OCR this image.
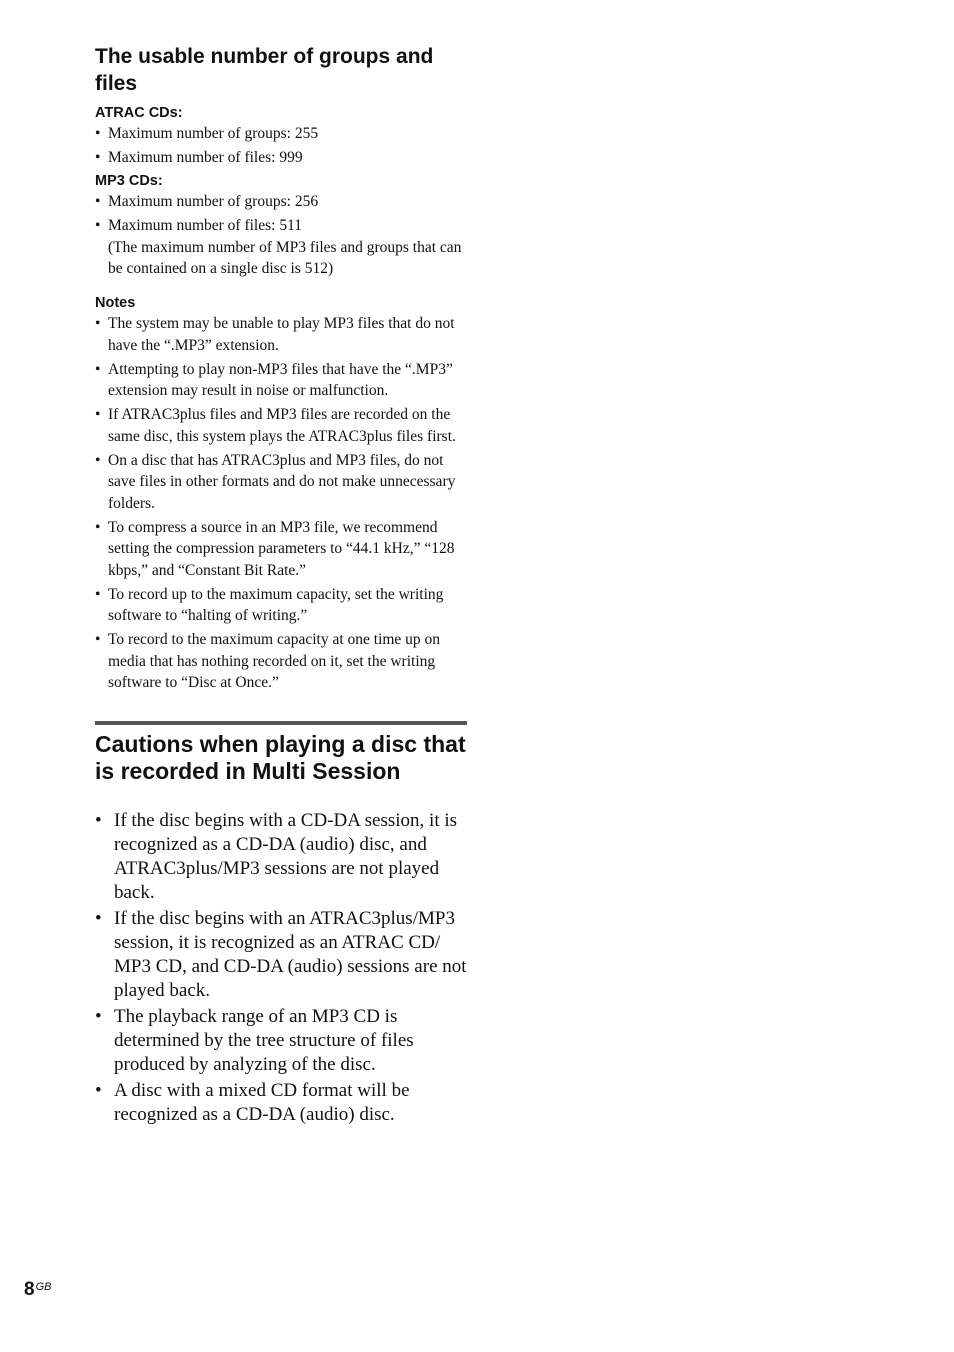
The usable number of groups and files

ATRAC CDs:

• Maximum number of groups: 255
• Maximum number of files: 999

MP3 CDs:

• Maximum number of groups: 256
• Maximum number of files: 511
(The maximum number of MP3 files and groups that can be contained on a single disc is 512)

Notes

• The system may be unable to play MP3 files that do not have the “.MP3” extension.
• Attempting to play non-MP3 files that have the “.MP3” extension may result in noise or malfunction.
• If ATRAC3plus files and MP3 files are recorded on the same disc, this system plays the ATRAC3plus files first.
• On a disc that has ATRAC3plus and MP3 files, do not save files in other formats and do not make unnecessary folders.
• To compress a source in an MP3 file, we recommend setting the compression parameters to “44.1 kHz,” “128 kbps,” and “Constant Bit Rate.”
• To record up to the maximum capacity, set the writing software to “halting of writing.”
• To record to the maximum capacity at one time up on media that has nothing recorded on it, set the writing software to “Disc at Once.”
Cautions when playing a disc that is recorded in Multi Session
• If the disc begins with a CD-DA session, it is recognized as a CD-DA (audio) disc, and ATRAC3plus/MP3 sessions are not played back.
• If the disc begins with an ATRAC3plus/MP3 session, it is recognized as an ATRAC CD/ MP3 CD, and CD-DA (audio) sessions are not played back.
• The playback range of an MP3 CD is determined by the tree structure of files produced by analyzing of the disc.
• A disc with a mixed CD format will be recognized as a CD-DA (audio) disc.
$8^{GB}$
